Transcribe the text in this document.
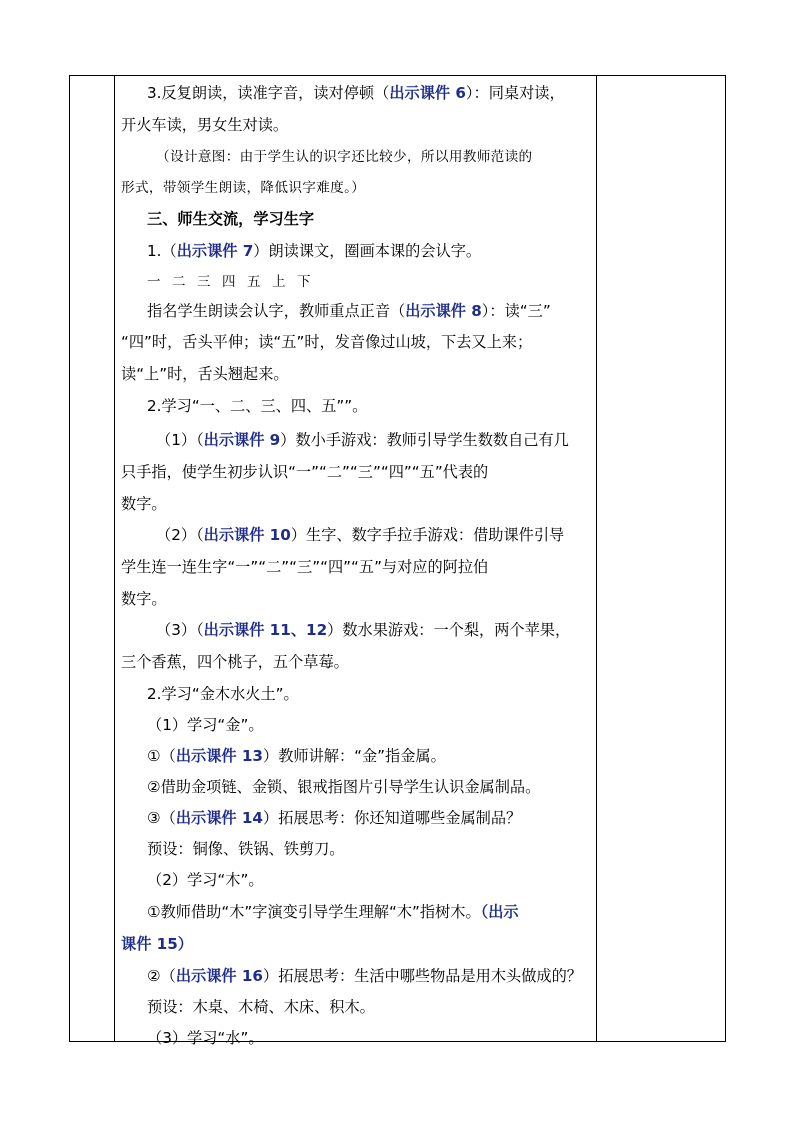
3.反复朗读，读准字音，读对停顿（出示课件 6）：同桌对读，
开火车读，男女生对读。
（设计意图：由于学生认的识字还比较少，所以用教师范读的
形式，带领学生朗读，降低识字难度。）
三、师生交流，学习生字
1.（出示课件 7）朗读课文，圈画本课的会认字。
一二三四五上下
指名学生朗读会认字，教师重点正音（出示课件 8）：读“三”
“四”时，舌头平伸；读“五”时，发音像过山坡，下去又上来；
读“上”时，舌头翘起来。
2.学习“一、二、三、四、五””。
（1）（出示课件 9）数小手游戏：教师引导学生数数自己有几
只手指，使学生初步认识“一”“二”“三”“四”“五”代表的
数字。
（2）（出示课件 10）生字、数字手拉手游戏：借助课件引导
学生连一连生字“一”“二”“三”“四”“五”与对应的阿拉伯
数字。
（3）（出示课件 11、12）数水果游戏：一个梨，两个苹果，
三个香蕉，四个桃子，五个草莓。
2.学习“金木水火土”。
（1）学习“金”。
①（出示课件 13）教师讲解：“金”指金属。
②借助金项链、金锁、银戒指图片引导学生认识金属制品。
③（出示课件 14）拓展思考：你还知道哪些金属制品？
预设：铜像、铁锅、铁剪刀。
（2）学习“木”。
①教师借助“木”字演变引导学生理解“木”指树木。（出示
课件 15）
②（出示课件 16）拓展思考：生活中哪些物品是用木头做成的？
预设：木桌、木椅、木床、积木。
（3）学习“水”。
